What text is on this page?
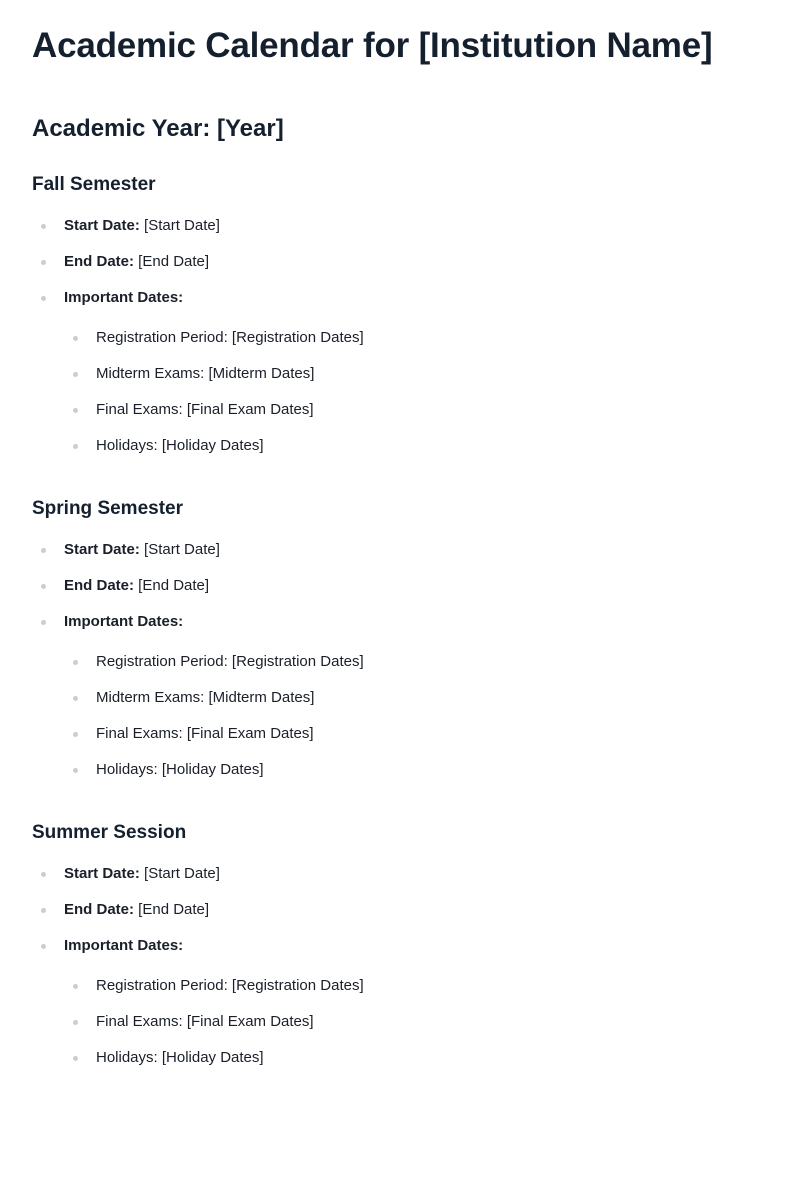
Academic Calendar for [Institution Name]
Academic Year: [Year]
Fall Semester
Start Date: [Start Date]
End Date: [End Date]
Important Dates:
Registration Period: [Registration Dates]
Midterm Exams: [Midterm Dates]
Final Exams: [Final Exam Dates]
Holidays: [Holiday Dates]
Spring Semester
Start Date: [Start Date]
End Date: [End Date]
Important Dates:
Registration Period: [Registration Dates]
Midterm Exams: [Midterm Dates]
Final Exams: [Final Exam Dates]
Holidays: [Holiday Dates]
Summer Session
Start Date: [Start Date]
End Date: [End Date]
Important Dates:
Registration Period: [Registration Dates]
Final Exams: [Final Exam Dates]
Holidays: [Holiday Dates]
